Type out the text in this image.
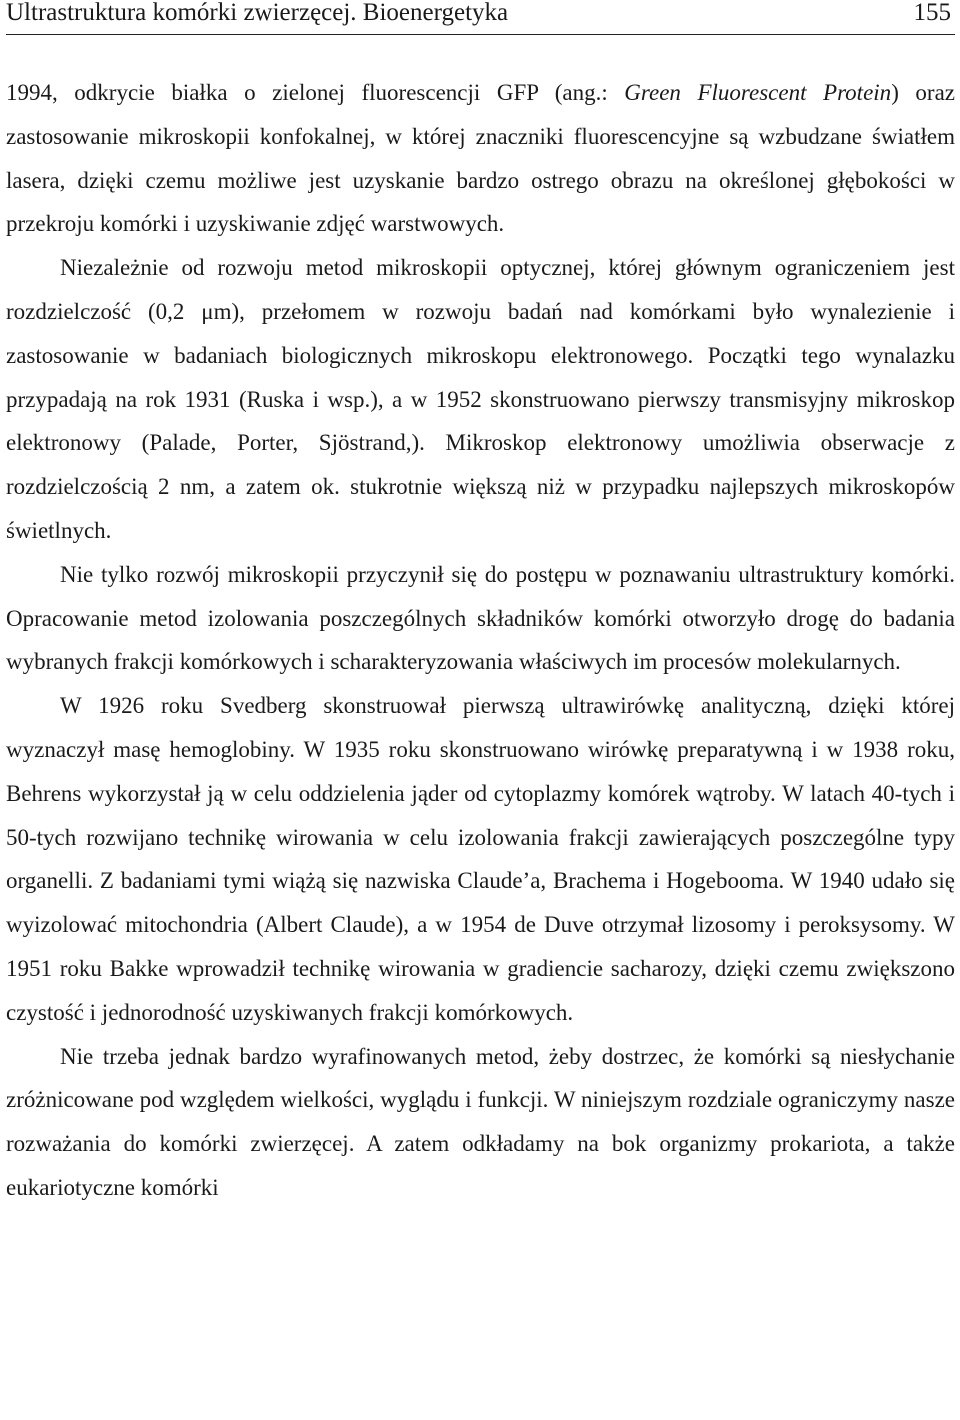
Ultrastruktura komórki zwierzęcej. Bioenergetyka	155

1994, odkrycie białka o zielonej fluorescencji GFP (ang.: Green Fluorescent Protein) oraz zastosowanie mikroskopii konfokalnej, w której znaczniki fluorescencyjne są wzbudzane światłem lasera, dzięki czemu możliwe jest uzyskanie bardzo ostrego obrazu na określonej głębokości w przekroju komórki i uzyskiwanie zdjęć warstwowych.

Niezależnie od rozwoju metod mikroskopii optycznej, której głównym ograniczeniem jest rozdzielczość (0,2 μm), przełomem w rozwoju badań nad komórkami było wynalezienie i zastosowanie w badaniach biologicznych mikroskopu elektronowego. Początki tego wynalazku przypadają na rok 1931 (Ruska i wsp.), a w 1952 skonstruowano pierwszy transmisyjny mikroskop elektronowy (Palade, Porter, Sjöstrand,). Mikroskop elektronowy umożliwia obserwacje z rozdzielczością 2 nm, a zatem ok. stukrotnie większą niż w przypadku najlepszych mikroskopów świetlnych.

Nie tylko rozwój mikroskopii przyczynił się do postępu w poznawaniu ultrastruktury komórki. Opracowanie metod izolowania poszczególnych składników komórki otworzyło drogę do badania wybranych frakcji komórkowych i scharakteryzowania właściwych im procesów molekularnych.

W 1926 roku Svedberg skonstruował pierwszą ultrawirówkę analityczną, dzięki której wyznaczył masę hemoglobiny. W 1935 roku skonstruowano wirówkę preparatywną i w 1938 roku, Behrens wykorzystał ją w celu oddzielenia jąder od cytoplazmy komórek wątroby. W latach 40-tych i 50-tych rozwijano technikę wirowania w celu izolowania frakcji zawierających poszczególne typy organelli. Z badaniami tymi wiążą się nazwiska Claude’a, Brachema i Hogebooma. W 1940 udało się wyizolować mitochondria (Albert Claude), a w 1954 de Duve otrzymał lizosomy i peroksysomy. W 1951 roku Bakke wprowadził technikę wirowania w gradiencie sacharozy, dzięki czemu zwiększono czystość i jednorodność uzyskiwanych frakcji komórkowych.

Nie trzeba jednak bardzo wyrafinowanych metod, żeby dostrzec, że komórki są niesłychanie zróżnicowane pod względem wielkości, wyglądu i funkcji. W niniejszym rozdziale ograniczymy nasze rozważania do komórki zwierzęcej. A zatem odkładamy na bok organizmy prokariota, a także eukariotyczne komórki
